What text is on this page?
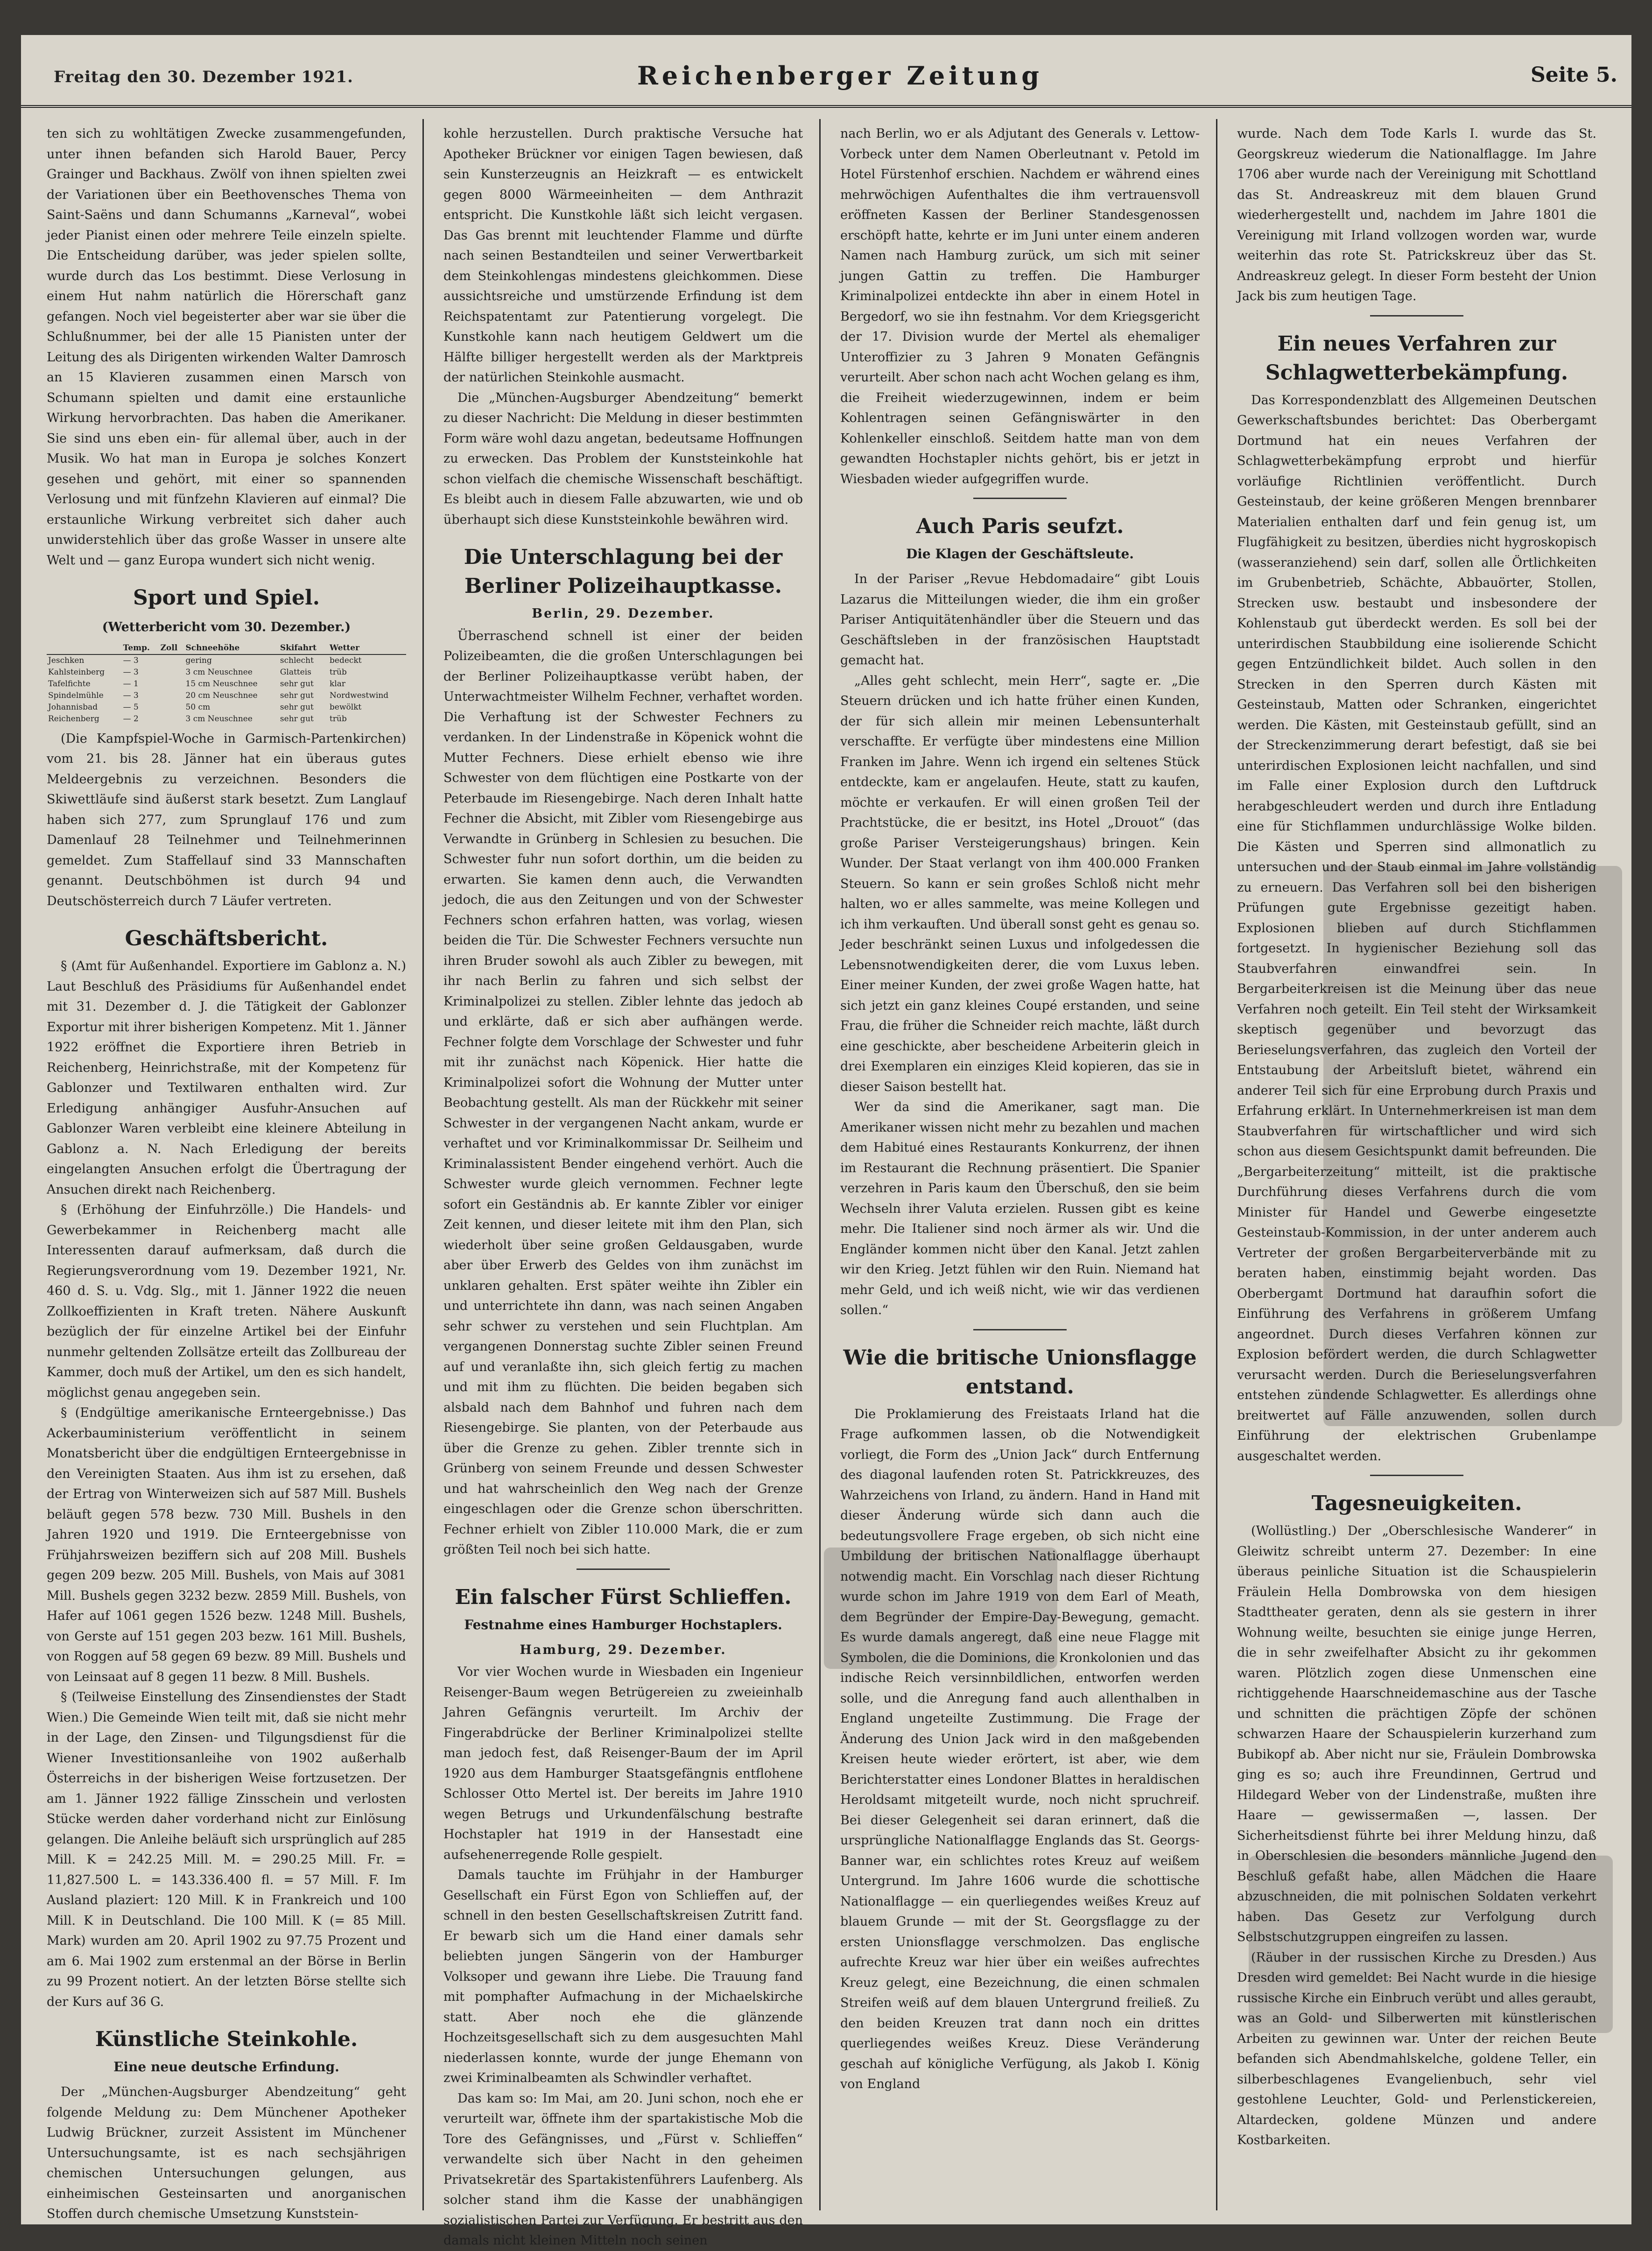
Freitag den 30. Dezember 1921.	Reichenberger Zeitung	Seite 5.

ten sich zu wohltätigen Zwecke zusammengefunden, unter ihnen befanden sich Harold Bauer, Percy Grainger und Backhaus. Zwölf von ihnen spielten zwei der Variationen über ein Beethovensches Thema von Saint-Saëns und dann Schumanns „Karneval“, wobei jeder Pianist einen oder mehrere Teile einzeln spielte. Die Entscheidung darüber, was jeder spielen sollte, wurde durch das Los bestimmt. Diese Verlosung in einem Hut nahm natürlich die Hörerschaft ganz gefangen. Noch viel begeisterter aber war sie über die Schlußnummer, bei der alle 15 Pianisten unter der Leitung des als Dirigenten wirkenden Walter Damrosch an 15 Klavieren zusammen einen Marsch von Schumann spielten und damit eine erstaunliche Wirkung hervorbrachten. Das haben die Amerikaner. Sie sind uns eben ein- für allemal über, auch in der Musik. Wo hat man in Europa je solches Konzert gesehen und gehört, mit einer so spannenden Verlosung und mit fünfzehn Klavieren auf einmal? Die erstaunliche Wirkung verbreitet sich daher auch unwiderstehlich über das große Wasser in unsere alte Welt und — ganz Europa wundert sich nicht wenig.

Sport und Spiel.
(Wetterbericht vom 30. Dezember.)
	Temp.	Zoll	Schneehöhe	Skifahrt	Wetter
Jeschken	— 3		gering	schlecht	bedeckt
Kahlsteinberg	— 3		3 cm Neuschnee	Glatteis	trüb
Tafelfichte	— 1		15 cm Neuschnee	sehr gut	klar
Spindelmühle	— 3		20 cm Neuschnee	sehr gut	Nordwestwind
Johannisbad	— 5		50 cm	sehr gut	bewölkt
Reichenberg	— 2		3 cm Neuschnee	sehr gut	trüb

(Die Kampfspiel-Woche in Garmisch-Partenkirchen) vom 21. bis 28. Jänner hat ein überaus gutes Meldeergebnis zu verzeichnen. Besonders die Skiwettläufe sind äußerst stark besetzt. Zum Langlauf haben sich 277, zum Sprunglauf 176 und zum Damenlauf 28 Teilnehmer und Teilnehmerinnen gemeldet. Zum Staffellauf sind 33 Mannschaften genannt. Deutschböhmen ist durch 94 und Deutschösterreich durch 7 Läufer vertreten.

Geschäftsbericht.

§ (Amt für Außenhandel. Exportiere im Gablonz a. N.) Laut Beschluß des Präsidiums für Außenhandel endet mit 31. Dezember d. J. die Tätigkeit der Gablonzer Exportur mit ihrer bisherigen Kompetenz. Mit 1. Jänner 1922 eröffnet die Exportiere ihren Betrieb in Reichenberg, Heinrichstraße, mit der Kompetenz für Gablonzer und Textilwaren enthalten wird. Zur Erledigung anhängiger Ausfuhr-Ansuchen auf Gablonzer Waren verbleibt eine kleinere Abteilung in Gablonz a. N. Nach Erledigung der bereits eingelangten Ansuchen erfolgt die Übertragung der Ansuchen direkt nach Reichenberg.

§ (Erhöhung der Einfuhrzölle.) Die Handels- und Gewerbekammer in Reichenberg macht alle Interessenten darauf aufmerksam, daß durch die Regierungsverordnung vom 19. Dezember 1921, Nr. 460 d. S. u. Vdg. Slg., mit 1. Jänner 1922 die neuen Zollkoeffizienten in Kraft treten. Nähere Auskunft bezüglich der für einzelne Artikel bei der Einfuhr nunmehr geltenden Zollsätze erteilt das Zollbureau der Kammer, doch muß der Artikel, um den es sich handelt, möglichst genau angegeben sein.

§ (Endgültige amerikanische Ernteergebnisse.) Das Ackerbauministerium veröffentlicht in seinem Monatsbericht über die endgültigen Ernteergebnisse in den Vereinigten Staaten. Aus ihm ist zu ersehen, daß der Ertrag von Winterweizen sich auf 587 Mill. Bushels beläuft gegen 578 bezw. 730 Mill. Bushels in den Jahren 1920 und 1919. Die Ernteergebnisse von Frühjahrsweizen beziffern sich auf 208 Mill. Bushels gegen 209 bezw. 205 Mill. Bushels, von Mais auf 3081 Mill. Bushels gegen 3232 bezw. 2859 Mill. Bushels, von Hafer auf 1061 gegen 1526 bezw. 1248 Mill. Bushels, von Gerste auf 151 gegen 203 bezw. 161 Mill. Bushels, von Roggen auf 58 gegen 69 bezw. 89 Mill. Bushels und von Leinsaat auf 8 gegen 11 bezw. 8 Mill. Bushels.

§ (Teilweise Einstellung des Zinsendienstes der Stadt Wien.) Die Gemeinde Wien teilt mit, daß sie nicht mehr in der Lage, den Zinsen- und Tilgungsdienst für die Wiener Investitionsanleihe von 1902 außerhalb Österreichs in der bisherigen Weise fortzusetzen. Der am 1. Jänner 1922 fällige Zinsschein und verlosten Stücke werden daher vorderhand nicht zur Einlösung gelangen. Die Anleihe beläuft sich ursprünglich auf 285 Mill. K = 242.25 Mill. M. = 290.25 Mill. Fr. = 11,827.500 L. = 143.336.400 fl. = 57 Mill. F. Im Ausland plaziert: 120 Mill. K in Frankreich und 100 Mill. K in Deutschland. Die 100 Mill. K (= 85 Mill. Mark) wurden am 20. April 1902 zu 97.75 Prozent und am 6. Mai 1902 zum erstenmal an der Börse in Berlin zu 99 Prozent notiert. An der letzten Börse stellte sich der Kurs auf 36 G.

Künstliche Steinkohle.
Eine neue deutsche Erfindung.

Der „München-Augsburger Abendzeitung“ geht folgende Meldung zu: Dem Münchener Apotheker Ludwig Brückner, zurzeit Assistent im Münchener Untersuchungsamte, ist es nach sechsjährigen chemischen Untersuchungen gelungen, aus einheimischen Gesteinsarten und anorganischen Stoffen durch chemische Umsetzung Kunststein-

kohle herzustellen. Durch praktische Versuche hat Apotheker Brückner vor einigen Tagen bewiesen, daß sein Kunsterzeugnis an Heizkraft — es entwickelt gegen 8000 Wärmeeinheiten — dem Anthrazit entspricht. Die Kunstkohle läßt sich leicht vergasen. Das Gas brennt mit leuchtender Flamme und dürfte nach seinen Bestandteilen und seiner Verwertbarkeit dem Steinkohlengas mindestens gleichkommen. Diese aussichtsreiche und umstürzende Erfindung ist dem Reichspatentamt zur Patentierung vorgelegt. Die Kunstkohle kann nach heutigem Geldwert um die Hälfte billiger hergestellt werden als der Marktpreis der natürlichen Steinkohle ausmacht.

Die „München-Augsburger Abendzeitung“ bemerkt zu dieser Nachricht: Die Meldung in dieser bestimmten Form wäre wohl dazu angetan, bedeutsame Hoffnungen zu erwecken. Das Problem der Kunststeinkohle hat schon vielfach die chemische Wissenschaft beschäftigt. Es bleibt auch in diesem Falle abzuwarten, wie und ob überhaupt sich diese Kunststeinkohle bewähren wird.

Die Unterschlagung bei der Berliner Polizeihauptkasse.
Berlin, 29. Dezember.

Überraschend schnell ist einer der beiden Polizeibeamten, die die großen Unterschlagungen bei der Berliner Polizeihauptkasse verübt haben, der Unterwachtmeister Wilhelm Fechner, verhaftet worden. Die Verhaftung ist der Schwester Fechners zu verdanken. In der Lindenstraße in Köpenick wohnt die Mutter Fechners. Diese erhielt ebenso wie ihre Schwester von dem flüchtigen eine Postkarte von der Peterbaude im Riesengebirge. Nach deren Inhalt hatte Fechner die Absicht, mit Zibler vom Riesengebirge aus Verwandte in Grünberg in Schlesien zu besuchen. Die Schwester fuhr nun sofort dorthin, um die beiden zu erwarten. Sie kamen denn auch, die Verwandten jedoch, die aus den Zeitungen und von der Schwester Fechners schon erfahren hatten, was vorlag, wiesen beiden die Tür. Die Schwester Fechners versuchte nun ihren Bruder sowohl als auch Zibler zu bewegen, mit ihr nach Berlin zu fahren und sich selbst der Kriminalpolizei zu stellen. Zibler lehnte das jedoch ab und erklärte, daß er sich aber aufhängen werde. Fechner folgte dem Vorschlage der Schwester und fuhr mit ihr zunächst nach Köpenick. Hier hatte die Kriminalpolizei sofort die Wohnung der Mutter unter Beobachtung gestellt. Als man der Rückkehr mit seiner Schwester in der vergangenen Nacht ankam, wurde er verhaftet und vor Kriminalkommissar Dr. Seilheim und Kriminalassistent Bender eingehend verhört. Auch die Schwester wurde gleich vernommen. Fechner legte sofort ein Geständnis ab. Er kannte Zibler vor einiger Zeit kennen, und dieser leitete mit ihm den Plan, sich wiederholt über seine großen Geldausgaben, wurde aber über Erwerb des Geldes von ihm zunächst im unklaren gehalten. Erst später weihte ihn Zibler ein und unterrichtete ihn dann, was nach seinen Angaben sehr schwer zu verstehen und sein Fluchtplan. Am vergangenen Donnerstag suchte Zibler seinen Freund auf und veranlaßte ihn, sich gleich fertig zu machen und mit ihm zu flüchten. Die beiden begaben sich alsbald nach dem Bahnhof und fuhren nach dem Riesengebirge. Sie planten, von der Peterbaude aus über die Grenze zu gehen. Zibler trennte sich in Grünberg von seinem Freunde und dessen Schwester und hat wahrscheinlich den Weg nach der Grenze eingeschlagen oder die Grenze schon überschritten. Fechner erhielt von Zibler 110.000 Mark, die er zum größten Teil noch bei sich hatte.

Ein falscher Fürst Schlieffen.
Festnahme eines Hamburger Hochstaplers.
Hamburg, 29. Dezember.

Vor vier Wochen wurde in Wiesbaden ein Ingenieur Reisenger-Baum wegen Betrügereien zu zweieinhalb Jahren Gefängnis verurteilt. Im Archiv der Fingerabdrücke der Berliner Kriminalpolizei stellte man jedoch fest, daß Reisenger-Baum der im April 1920 aus dem Hamburger Staatsgefängnis entflohene Schlosser Otto Mertel ist. Der bereits im Jahre 1910 wegen Betrugs und Urkundenfälschung bestrafte Hochstapler hat 1919 in der Hansestadt eine aufsehenerregende Rolle gespielt.

Damals tauchte im Frühjahr in der Hamburger Gesellschaft ein Fürst Egon von Schlieffen auf, der schnell in den besten Gesellschaftskreisen Zutritt fand. Er bewarb sich um die Hand einer damals sehr beliebten jungen Sängerin von der Hamburger Volksoper und gewann ihre Liebe. Die Trauung fand mit pomphafter Aufmachung in der Michaelskirche statt. Aber noch ehe die glänzende Hochzeitsgesellschaft sich zu dem ausgesuchten Mahl niederlassen konnte, wurde der junge Ehemann von zwei Kriminalbeamten als Schwindler verhaftet.

Das kam so: Im Mai, am 20. Juni schon, noch ehe er verurteilt war, öffnete ihm der spartakistische Mob die Tore des Gefängnisses, und „Fürst v. Schlieffen“ verwandelte sich über Nacht in den geheimen Privatsekretär des Spartakistenführers Laufenberg. Als solcher stand ihm die Kasse der unabhängigen sozialistischen Partei zur Verfügung. Er bestritt aus den damals nicht kleinen Mitteln noch seinen

nach Berlin, wo er als Adjutant des Generals v. Lettow-Vorbeck unter dem Namen Oberleutnant v. Petold im Hotel Fürstenhof erschien. Nachdem er während eines mehrwöchigen Aufenthaltes die ihm vertrauensvoll eröffneten Kassen der Berliner Standesgenossen erschöpft hatte, kehrte er im Juni unter einem anderen Namen nach Hamburg zurück, um sich mit seiner jungen Gattin zu treffen. Die Hamburger Kriminalpolizei entdeckte ihn aber in einem Hotel in Bergedorf, wo sie ihn festnahm. Vor dem Kriegsgericht der 17. Division wurde der Mertel als ehemaliger Unteroffizier zu 3 Jahren 9 Monaten Gefängnis verurteilt. Aber schon nach acht Wochen gelang es ihm, die Freiheit wiederzugewinnen, indem er beim Kohlentragen seinen Gefängniswärter in den Kohlenkeller einschloß. Seitdem hatte man von dem gewandten Hochstapler nichts gehört, bis er jetzt in Wiesbaden wieder aufgegriffen wurde.

Auch Paris seufzt.
Die Klagen der Geschäftsleute.

In der Pariser „Revue Hebdomadaire“ gibt Louis Lazarus die Mitteilungen wieder, die ihm ein großer Pariser Antiquitätenhändler über die Steuern und das Geschäftsleben in der französischen Hauptstadt gemacht hat.

„Alles geht schlecht, mein Herr“, sagte er. „Die Steuern drücken und ich hatte früher einen Kunden, der für sich allein mir meinen Lebensunterhalt verschaffte. Er verfügte über mindestens eine Million Franken im Jahre. Wenn ich irgend ein seltenes Stück entdeckte, kam er angelaufen. Heute, statt zu kaufen, möchte er verkaufen. Er will einen großen Teil der Prachtstücke, die er besitzt, ins Hotel „Drouot“ (das große Pariser Versteigerungshaus) bringen. Kein Wunder. Der Staat verlangt von ihm 400.000 Franken Steuern. So kann er sein großes Schloß nicht mehr halten, wo er alles sammelte, was meine Kollegen und ich ihm verkauften. Und überall sonst geht es genau so. Jeder beschränkt seinen Luxus und infolgedessen die Lebensnotwendigkeiten derer, die vom Luxus leben. Einer meiner Kunden, der zwei große Wagen hatte, hat sich jetzt ein ganz kleines Coupé erstanden, und seine Frau, die früher die Schneider reich machte, läßt durch eine geschickte, aber bescheidene Arbeiterin gleich in drei Exemplaren ein einziges Kleid kopieren, das sie in dieser Saison bestellt hat.

Wer da sind die Amerikaner, sagt man. Die Amerikaner wissen nicht mehr zu bezahlen und machen dem Habitué eines Restaurants Konkurrenz, der ihnen im Restaurant die Rechnung präsentiert. Die Spanier verzehren in Paris kaum den Überschuß, den sie beim Wechseln ihrer Valuta erzielen. Russen gibt es keine mehr. Die Italiener sind noch ärmer als wir. Und die Engländer kommen nicht über den Kanal. Jetzt zahlen wir den Krieg. Jetzt fühlen wir den Ruin. Niemand hat mehr Geld, und ich weiß nicht, wie wir das verdienen sollen.“

Wie die britische Unionsflagge entstand.

Die Proklamierung des Freistaats Irland hat die Frage aufkommen lassen, ob die Notwendigkeit vorliegt, die Form des „Union Jack“ durch Entfernung des diagonal laufenden roten St. Patrickkreuzes, des Wahrzeichens von Irland, zu ändern. Hand in Hand mit dieser Änderung würde sich dann auch die bedeutungsvollere Frage ergeben, ob sich nicht eine Umbildung der britischen Nationalflagge überhaupt notwendig macht. Ein Vorschlag nach dieser Richtung wurde schon im Jahre 1919 von dem Earl of Meath, dem Begründer der Empire-Day-Bewegung, gemacht. Es wurde damals angeregt, daß eine neue Flagge mit Symbolen, die die Dominions, die Kronkolonien und das indische Reich versinnbildlichen, entworfen werden solle, und die Anregung fand auch allenthalben in England ungeteilte Zustimmung. Die Frage der Änderung des Union Jack wird in den maßgebenden Kreisen heute wieder erörtert, ist aber, wie dem Berichterstatter eines Londoner Blattes in heraldischen Heroldsamt mitgeteilt wurde, noch nicht spruchreif. Bei dieser Gelegenheit sei daran erinnert, daß die ursprüngliche Nationalflagge Englands das St. Georgs-Banner war, ein schlichtes rotes Kreuz auf weißem Untergrund. Im Jahre 1606 wurde die schottische Nationalflagge — ein querliegendes weißes Kreuz auf blauem Grunde — mit der St. Georgsflagge zu der ersten Unionsflagge verschmolzen. Das englische aufrechte Kreuz war hier über ein weißes aufrechtes Kreuz gelegt, eine Bezeichnung, die einen schmalen Streifen weiß auf dem blauen Untergrund freiließ. Zu den beiden Kreuzen trat dann noch ein drittes querliegendes weißes Kreuz. Diese Veränderung geschah auf königliche Verfügung, als Jakob I. König von England

wurde. Nach dem Tode Karls I. wurde das St. Georgskreuz wiederum die Nationalflagge. Im Jahre 1706 aber wurde nach der Vereinigung mit Schottland das St. Andreaskreuz mit dem blauen Grund wiederhergestellt und, nachdem im Jahre 1801 die Vereinigung mit Irland vollzogen worden war, wurde weiterhin das rote St. Patrickskreuz über das St. Andreaskreuz gelegt. In dieser Form besteht der Union Jack bis zum heutigen Tage.

Ein neues Verfahren zur Schlagwetterbekämpfung.

Das Korrespondenzblatt des Allgemeinen Deutschen Gewerkschaftsbundes berichtet: Das Oberbergamt Dortmund hat ein neues Verfahren der Schlagwetterbekämpfung erprobt und hierfür vorläufige Richtlinien veröffentlicht. Durch Gesteinstaub, der keine größeren Mengen brennbarer Materialien enthalten darf und fein genug ist, um Flugfähigkeit zu besitzen, überdies nicht hygroskopisch (wasseranziehend) sein darf, sollen alle Örtlichkeiten im Grubenbetrieb, Schächte, Abbauörter, Stollen, Strecken usw. bestaubt und insbesondere der Kohlenstaub gut überdeckt werden. Es soll bei der unterirdischen Staubbildung eine isolierende Schicht gegen Entzündlichkeit bildet. Auch sollen in den Strecken in den Sperren durch Kästen mit Gesteinstaub, Matten oder Schranken, eingerichtet werden. Die Kästen, mit Gesteinstaub gefüllt, sind an der Streckenzimmerung derart befestigt, daß sie bei unterirdischen Explosionen leicht nachfallen, und sind im Falle einer Explosion durch den Luftdruck herabgeschleudert werden und durch ihre Entladung eine für Stichflammen undurchlässige Wolke bilden. Die Kästen und Sperren sind allmonatlich zu untersuchen und der Staub einmal im Jahre vollständig zu erneuern. Das Verfahren soll bei den bisherigen Prüfungen gute Ergebnisse gezeitigt haben. Explosionen blieben auf durch Stichflammen fortgesetzt. In hygienischer Beziehung soll das Staubverfahren einwandfrei sein. In Bergarbeiterkreisen ist die Meinung über das neue Verfahren noch geteilt. Ein Teil steht der Wirksamkeit skeptisch gegenüber und bevorzugt das Berieselungsverfahren, das zugleich den Vorteil der Entstaubung der Arbeitsluft bietet, während ein anderer Teil sich für eine Erprobung durch Praxis und Erfahrung erklärt. In Unternehmerkreisen ist man dem Staubverfahren für wirtschaftlicher und wird sich schon aus diesem Gesichtspunkt damit befreunden. Die „Bergarbeiterzeitung“ mitteilt, ist die praktische Durchführung dieses Verfahrens durch die vom Minister für Handel und Gewerbe eingesetzte Gesteinstaub-Kommission, in der unter anderem auch Vertreter der großen Bergarbeiterverbände mit zu beraten haben, einstimmig bejaht worden. Das Oberbergamt Dortmund hat daraufhin sofort die Einführung des Verfahrens in größerem Umfang angeordnet. Durch dieses Verfahren können zur Explosion befördert werden, die durch Schlagwetter verursacht werden. Durch die Berieselungsverfahren entstehen zündende Schlagwetter. Es allerdings ohne breitwertet auf Fälle anzuwenden, sollen durch Einführung der elektrischen Grubenlampe ausgeschaltet werden.

Tagesneuigkeiten.

(Wollüstling.) Der „Oberschlesische Wanderer“ in Gleiwitz schreibt unterm 27. Dezember: In eine überaus peinliche Situation ist die Schauspielerin Fräulein Hella Dombrowska von dem hiesigen Stadttheater geraten, denn als sie gestern in ihrer Wohnung weilte, besuchten sie einige junge Herren, die in sehr zweifelhafter Absicht zu ihr gekommen waren. Plötzlich zogen diese Unmenschen eine richtiggehende Haarschneidemaschine aus der Tasche und schnitten die prächtigen Zöpfe der schönen schwarzen Haare der Schauspielerin kurzerhand zum Bubikopf ab. Aber nicht nur sie, Fräulein Dombrowska ging es so; auch ihre Freundinnen, Gertrud und Hildegard Weber von der Lindenstraße, mußten ihre Haare — gewissermaßen —, lassen. Der Sicherheitsdienst führte bei ihrer Meldung hinzu, daß in Oberschlesien die besonders männliche Jugend den Beschluß gefaßt habe, allen Mädchen die Haare abzuschneiden, die mit polnischen Soldaten verkehrt haben. Das Gesetz zur Verfolgung durch Selbstschutzgruppen eingreifen zu lassen.

(Räuber in der russischen Kirche zu Dresden.) Aus Dresden wird gemeldet: Bei Nacht wurde in die hiesige russische Kirche ein Einbruch verübt und alles geraubt, was an Gold- und Silberwerten mit künstlerischen Arbeiten zu gewinnen war. Unter der reichen Beute befanden sich Abendmahlskelche, goldene Teller, ein silberbeschlagenes Evangelienbuch, sehr viel gestohlene Leuchter, Gold- und Perlenstickereien, Altardecken, goldene Münzen und andere Kostbarkeiten.
